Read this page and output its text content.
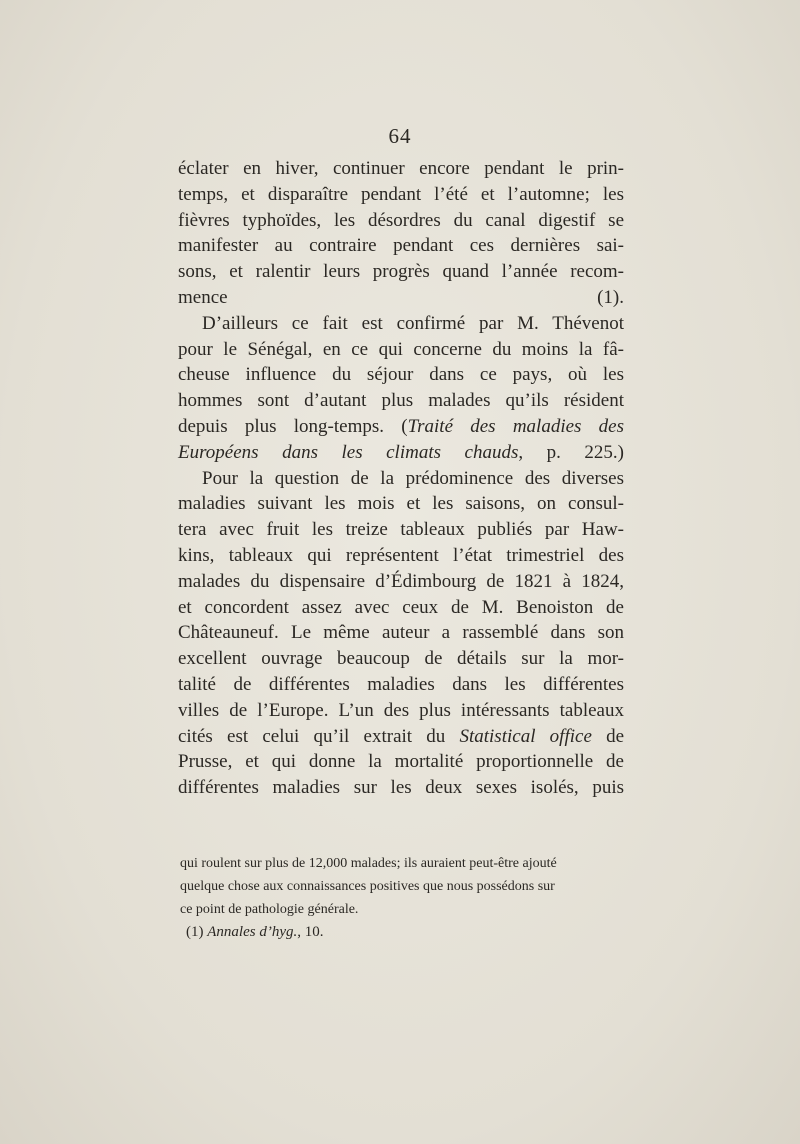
64

éclater en hiver, continuer encore pendant le prin-
temps, et disparaître pendant l’été et l’automne; les
fièvres typhoïdes, les désordres du canal digestif se
manifester au contraire pendant ces dernières sai-
sons, et ralentir leurs progrès quand l’année recom-
mence (1).

D’ailleurs ce fait est confirmé par M. Thévenot
pour le Sénégal, en ce qui concerne du moins la fâ-
cheuse influence du séjour dans ce pays, où les
hommes sont d’autant plus malades qu’ils résident
depuis plus long-temps. (Traité des maladies des
Européens dans les climats chauds, p. 225.)

Pour la question de la prédominence des diverses
maladies suivant les mois et les saisons, on consul-
tera avec fruit les treize tableaux publiés par Haw-
kins, tableaux qui représentent l’état trimestriel des
malades du dispensaire d’Édimbourg de 1821 à 1824,
et concordent assez avec ceux de M. Benoiston de
Châteauneuf. Le même auteur a rassemblé dans son
excellent ouvrage beaucoup de détails sur la mor-
talité de différentes maladies dans les différentes
villes de l’Europe. L’un des plus intéressants tableaux
cités est celui qu’il extrait du Statistical office de
Prusse, et qui donne la mortalité proportionnelle de
différentes maladies sur les deux sexes isolés, puis

qui roulent sur plus de 12,000 malades; ils auraient peut-être ajouté
quelque chose aux connaissances positives que nous possédons sur
ce point de pathologie générale.
(1) Annales d’hyg., 10.
